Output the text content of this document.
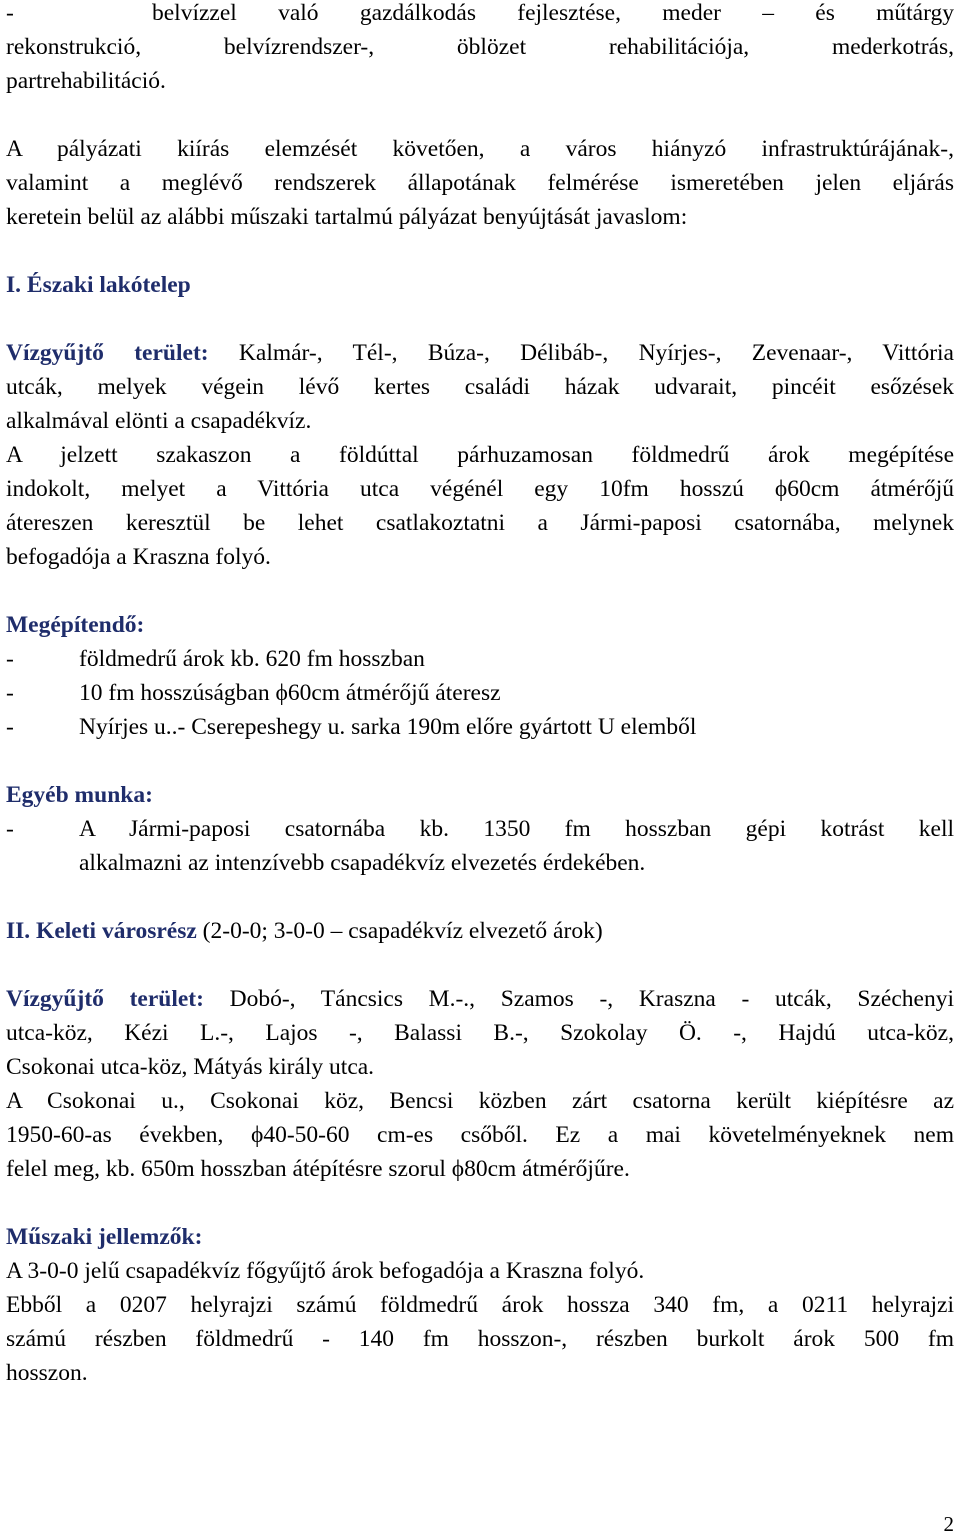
-	belvízzel való gazdálkodás fejlesztése, meder – és műtárgy
rekonstrukció, belvízrendszer-, öblözet rehabilitációja, mederkotrás,
partrehabilitáció.
A pályázati kiírás elemzését követően, a város hiányzó infrastruktúrájának-,
valamint a meglévő rendszerek állapotának felmérése ismeretében jelen eljárás
keretein belül az alábbi műszaki tartalmú pályázat benyújtását javaslom:
I. Északi lakótelep
Vízgyűjtő terület: Kalmár-, Tél-, Búza-, Délibáb-, Nyírjes-, Zevenaar-, Vittória
utcák, melyek végein lévő kertes családi házak udvarait, pincéit esőzések
alkalmával elönti a csapadékvíz.
A jelzett szakaszon a földúttal párhuzamosan földmedrű árok megépítése
indokolt, melyet a Vittória utca végénél egy 10fm hosszú ϕ60cm átmérőjű
átereszen keresztül be lehet csatlakoztatni a Jármi-paposi csatornába, melynek
befogadója a Kraszna folyó.
Megépítendő:
-	földmedrű árok kb. 620 fm hosszban
-	10 fm hosszúságban ϕ60cm átmérőjű áteresz
-	Nyírjes u..- Cserepeshegy u. sarka 190m előre gyártott U elemből
Egyéb munka:
-	A Jármi-paposi csatornába kb. 1350 fm hosszban gépi kotrást kell
alkalmazni az intenzívebb csapadékvíz elvezetés érdekében.
II. Keleti városrész (2-0-0; 3-0-0 – csapadékvíz elvezető árok)
Vízgyűjtő terület: Dobó-, Táncsics M.-., Szamos -, Kraszna - utcák, Széchenyi
utca-köz, Kézi L.-, Lajos -, Balassi B.-, Szokolay Ö. -, Hajdú utca-köz,
Csokonai utca-köz, Mátyás király utca.
A Csokonai u., Csokonai köz, Bencsi közben zárt csatorna került kiépítésre az
1950-60-as években, ϕ40-50-60 cm-es csőből. Ez a mai követelményeknek nem
felel meg, kb. 650m hosszban átépítésre szorul ϕ80cm átmérőjűre.
Műszaki jellemzők:
A 3-0-0 jelű csapadékvíz főgyűjtő árok befogadója a Kraszna folyó.
Ebből a 0207 helyrajzi számú földmedrű árok hossza 340 fm, a 0211 helyrajzi
számú részben földmedrű - 140 fm hosszon-, részben burkolt árok 500 fm
hosszon.
2
